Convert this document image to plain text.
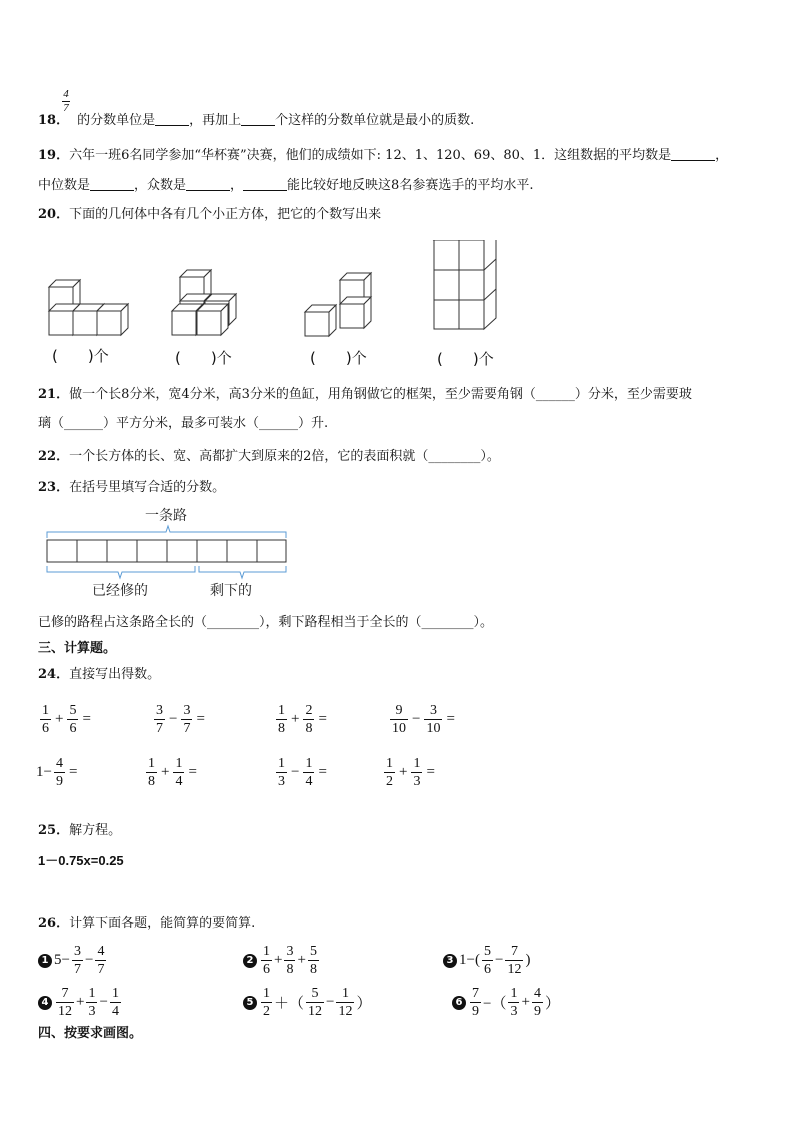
4
7
18． 的分数单位是	，再加上	个这样的分数单位就是最小的质数.
19．六年一班6名同学参加“华杯赛”决赛，他们的成绩如下: 12、1、120、69、80、1．这组数据的平均数是	，
中位数是	，众数是	，	能比较好地反映这8名参赛选手的平均水平.
20．下面的几何体中各有几个小正方体，把它的个数写出来
(　　)个	(　　)个	(　　)个	(　　)个
21．做一个长8分米，宽4分米，高3分米的鱼缸，用角钢做它的框架，至少需要角钢（______）分米，至少需要玻
璃（______）平方分米，最多可装水（______）升.
22．一个长方体的长、宽、高都扩大到原来的2倍，它的表面积就（________）。
23．在括号里填写合适的分数。
一条路
已经修的	剩下的
已修的路程占这条路全长的（________），剩下路程相当于全长的（________）。
三、计算题。
24．直接写出得数。
$\frac{1}{6} + \frac{5}{6}$ =	$\frac{3}{7} - \frac{3}{7}$ =	$\frac{1}{8} + \frac{2}{8}$ =	$\frac{9}{10} - \frac{3}{10}$ =
$1- \frac{4}{9}$ =	$\frac{1}{8} + \frac{1}{4}$ =	$\frac{1}{3} - \frac{1}{4}$ =	$\frac{1}{2} + \frac{1}{3}$ =
25．解方程。
1－0.75x=0.25
26．计算下面各题，能简算的要简算.
1 $5- \frac{3}{7} - \frac{4}{7}$	$2 \frac{1}{6} + \frac{3}{8} + \frac{5}{8}$	3 $1-( \frac{5}{6} - \frac{7}{12}$ )
$4 \frac{7}{12} + \frac{1}{3} - \frac{1}{4}$	$5 \frac{1}{2}$ ＋（ $\frac{5}{12} - \frac{1}{12}$ ）	$6 \frac{7}{9}$ −（ $\frac{1}{3} + \frac{4}{9}$ ）
四、按要求画图。
